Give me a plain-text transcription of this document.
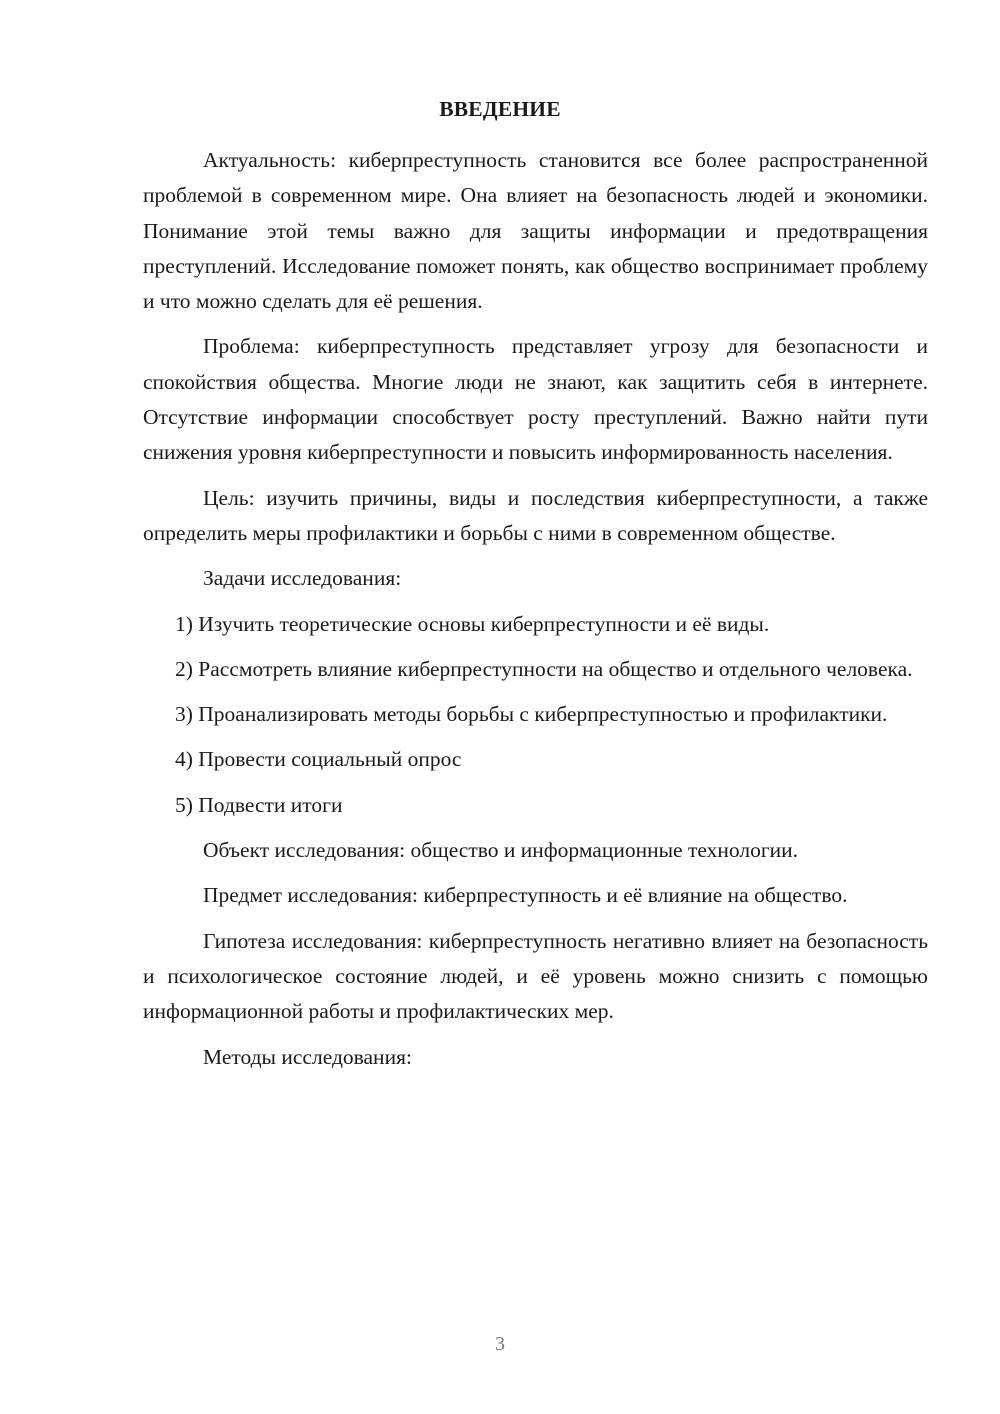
ВВЕДЕНИЕ

Актуальность: киберпреступность становится все более распространенной проблемой в современном мире. Она влияет на безопасность людей и экономики. Понимание этой темы важно для защиты информации и предотвращения преступлений. Исследование поможет понять, как общество воспринимает проблему и что можно сделать для её решения.

Проблема: киберпреступность представляет угрозу для безопасности и спокойствия общества. Многие люди не знают, как защитить себя в интернете. Отсутствие информации способствует росту преступлений. Важно найти пути снижения уровня киберпреступности и повысить информированность населения.

Цель: изучить причины, виды и последствия киберпреступности, а также определить меры профилактики и борьбы с ними в современном обществе.

Задачи исследования:

1) Изучить теоретические основы киберпреступности и её виды.

2) Рассмотреть влияние киберпреступности на общество и отдельного человека.

3) Проанализировать методы борьбы с киберпреступностью и профилактики.

4) Провести социальный опрос

5) Подвести итоги

Объект исследования: общество и информационные технологии.

Предмет исследования: киберпреступность и её влияние на общество.

Гипотеза исследования: киберпреступность негативно влияет на безопасность и психологическое состояние людей, и её уровень можно снизить с помощью информационной работы и профилактических мер.

Методы исследования:

3
